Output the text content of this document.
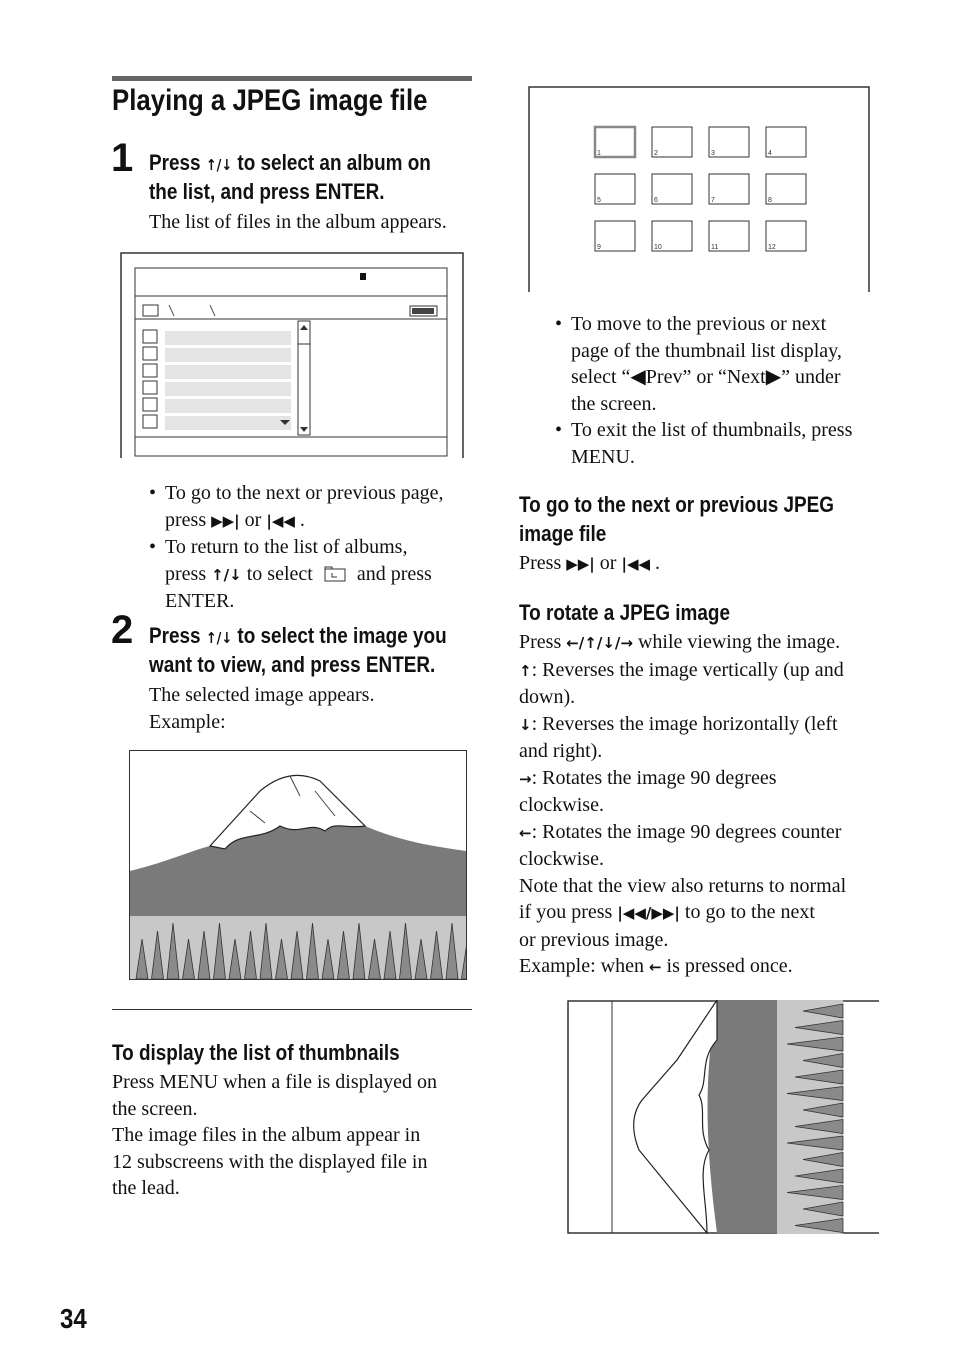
Playing a JPEG image file
1 Press ↑/↓ to select an album on
the list, and press ENTER.
The list of files in the album appears.
• To go to the next or previous page,
press ▶▶| or |◀◀ .
• To return to the list of albums,
press ↑/↓ to select and press
ENTER.
2 Press ↑/↓ to select the image you
want to view, and press ENTER.
The selected image appears.
Example:
To display the list of thumbnails
Press MENU when a file is displayed on
the screen.
The image files in the album appear in
12 subscreens with the displayed file in
the lead.
34
1	2	3	4
5	6	7	8
9	10	11	12
• To move to the previous or next
page of the thumbnail list display,
select “◀Prev” or “Next▶” under
the screen.
• To exit the list of thumbnails, press
MENU.
To go to the next or previous JPEG
image file
Press ▶▶| or |◀◀ .
To rotate a JPEG image
Press ←/↑/↓/→ while viewing the image.
↑: Reverses the image vertically (up and
down).
↓: Reverses the image horizontally (left
and right).
→: Rotates the image 90 degrees
clockwise.
←: Rotates the image 90 degrees counter
clockwise.
Note that the view also returns to normal
if you press |◀◀/▶▶| to go to the next
or previous image.
Example: when ← is pressed once.
